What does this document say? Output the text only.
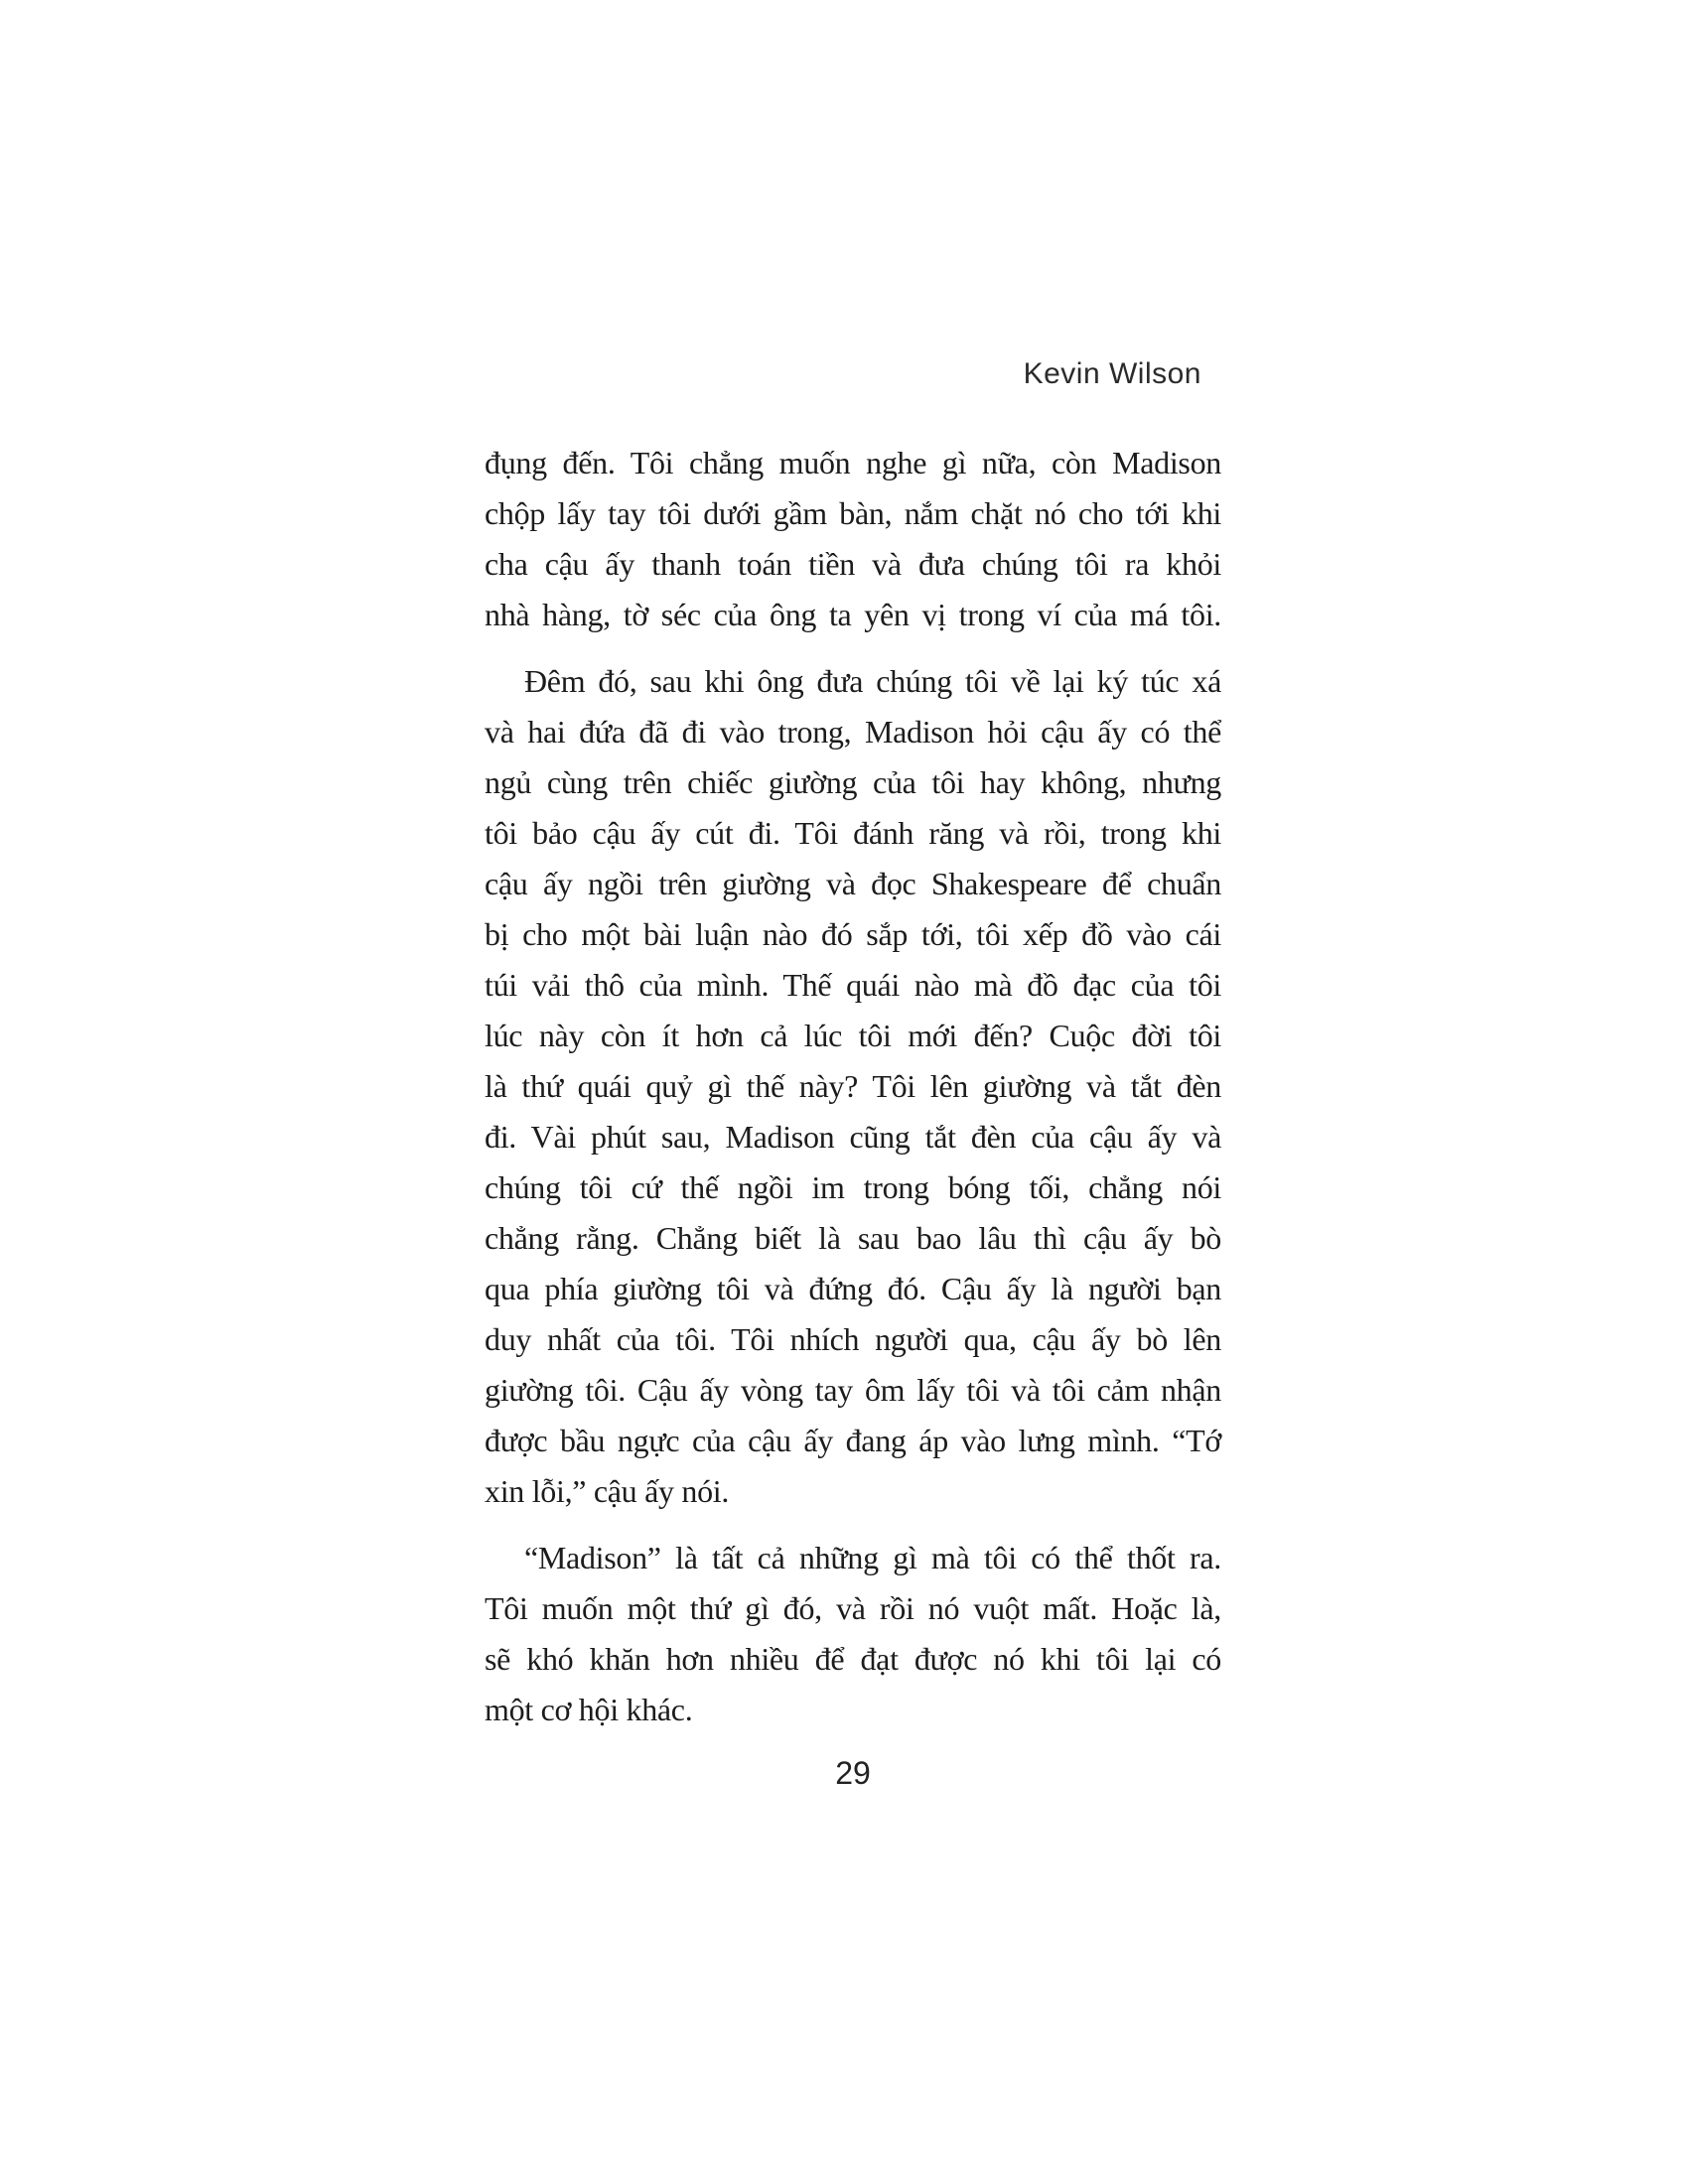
Kevin Wilson

đụng đến. Tôi chẳng muốn nghe gì nữa, còn Madison
chộp lấy tay tôi dưới gầm bàn, nắm chặt nó cho tới khi
cha cậu ấy thanh toán tiền và đưa chúng tôi ra khỏi
nhà hàng, tờ séc của ông ta yên vị trong ví của má tôi.

Đêm đó, sau khi ông đưa chúng tôi về lại ký túc xá
và hai đứa đã đi vào trong, Madison hỏi cậu ấy có thể
ngủ cùng trên chiếc giường của tôi hay không, nhưng
tôi bảo cậu ấy cút đi. Tôi đánh răng và rồi, trong khi
cậu ấy ngồi trên giường và đọc Shakespeare để chuẩn
bị cho một bài luận nào đó sắp tới, tôi xếp đồ vào cái
túi vải thô của mình. Thế quái nào mà đồ đạc của tôi
lúc này còn ít hơn cả lúc tôi mới đến? Cuộc đời tôi
là thứ quái quỷ gì thế này? Tôi lên giường và tắt đèn
đi. Vài phút sau, Madison cũng tắt đèn của cậu ấy và
chúng tôi cứ thế ngồi im trong bóng tối, chẳng nói
chẳng rằng. Chẳng biết là sau bao lâu thì cậu ấy bò
qua phía giường tôi và đứng đó. Cậu ấy là người bạn
duy nhất của tôi. Tôi nhích người qua, cậu ấy bò lên
giường tôi. Cậu ấy vòng tay ôm lấy tôi và tôi cảm nhận
được bầu ngực của cậu ấy đang áp vào lưng mình. “Tớ
xin lỗi,” cậu ấy nói.

“Madison” là tất cả những gì mà tôi có thể thốt ra.
Tôi muốn một thứ gì đó, và rồi nó vuột mất. Hoặc là,
sẽ khó khăn hơn nhiều để đạt được nó khi tôi lại có
một cơ hội khác.

29
